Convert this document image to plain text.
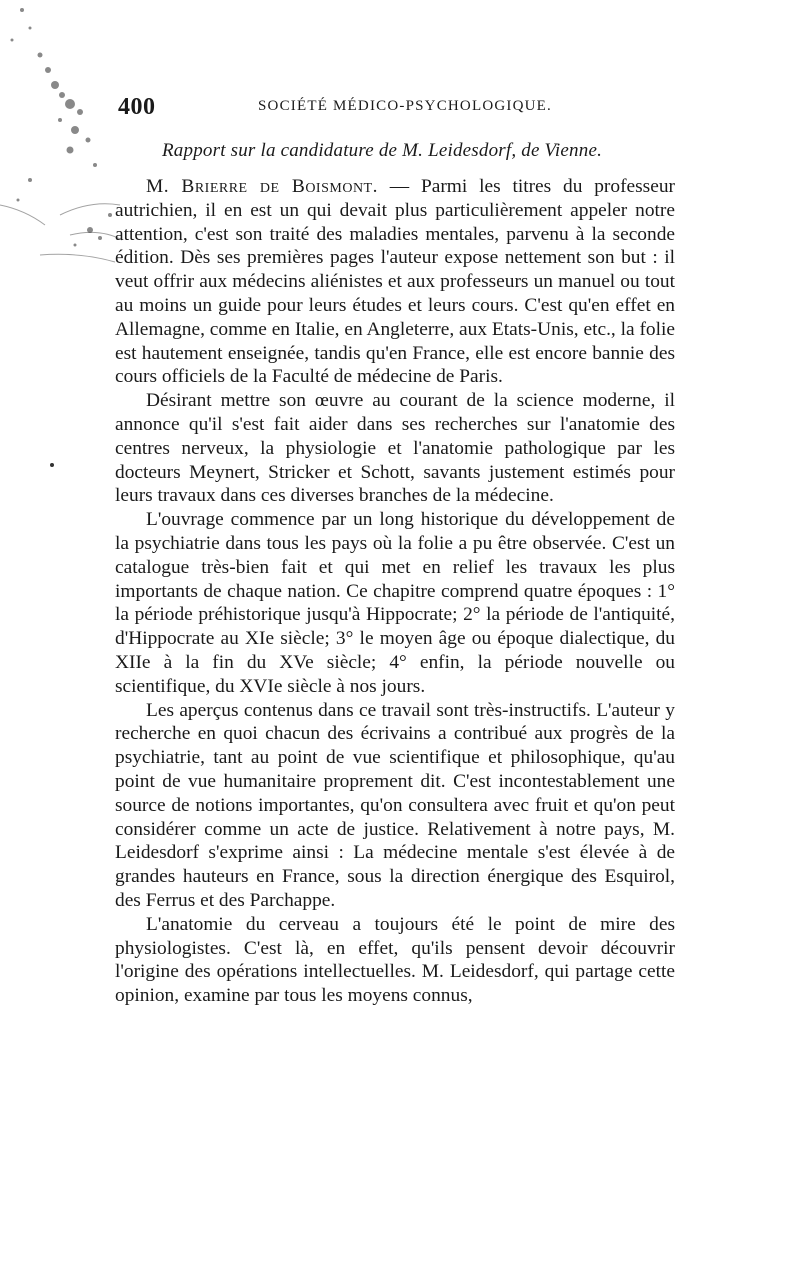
400	SOCIÉTÉ MÉDICO-PSYCHOLOGIQUE.
Rapport sur la candidature de M. Leidesdorf, de Vienne.

M. Brierre de Boismont. — Parmi les titres du professeur autrichien, il en est un qui devait plus particulièrement appeler notre attention, c'est son traité des maladies mentales, parvenu à la seconde édition. Dès ses premières pages l'auteur expose nettement son but : il veut offrir aux médecins aliénistes et aux professeurs un manuel ou tout au moins un guide pour leurs études et leurs cours. C'est qu'en effet en Allemagne, comme en Italie, en Angleterre, aux Etats-Unis, etc., la folie est hautement enseignée, tandis qu'en France, elle est encore bannie des cours officiels de la Faculté de médecine de Paris.

Désirant mettre son œuvre au courant de la science moderne, il annonce qu'il s'est fait aider dans ses recherches sur l'anatomie des centres nerveux, la physiologie et l'anatomie pathologique par les docteurs Meynert, Stricker et Schott, savants justement estimés pour leurs travaux dans ces diverses branches de la médecine.

L'ouvrage commence par un long historique du développement de la psychiatrie dans tous les pays où la folie a pu être observée. C'est un catalogue très-bien fait et qui met en relief les travaux les plus importants de chaque nation. Ce chapitre comprend quatre époques : 1° la période préhistorique jusqu'à Hippocrate; 2° la période de l'antiquité, d'Hippocrate au XIe siècle; 3° le moyen âge ou époque dialectique, du XIIe à la fin du XVe siècle; 4° enfin, la période nouvelle ou scientifique, du XVIe siècle à nos jours.

Les aperçus contenus dans ce travail sont très-instructifs. L'auteur y recherche en quoi chacun des écrivains a contribué aux progrès de la psychiatrie, tant au point de vue scientifique et philosophique, qu'au point de vue humanitaire proprement dit. C'est incontestablement une source de notions importantes, qu'on consultera avec fruit et qu'on peut considérer comme un acte de justice. Relativement à notre pays, M. Leidesdorf s'exprime ainsi : La médecine mentale s'est élevée à de grandes hauteurs en France, sous la direction énergique des Esquirol, des Ferrus et des Parchappe.

L'anatomie du cerveau a toujours été le point de mire des physiologistes. C'est là, en effet, qu'ils pensent devoir découvrir l'origine des opérations intellectuelles. M. Leidesdorf, qui partage cette opinion, examine par tous les moyens connus,
